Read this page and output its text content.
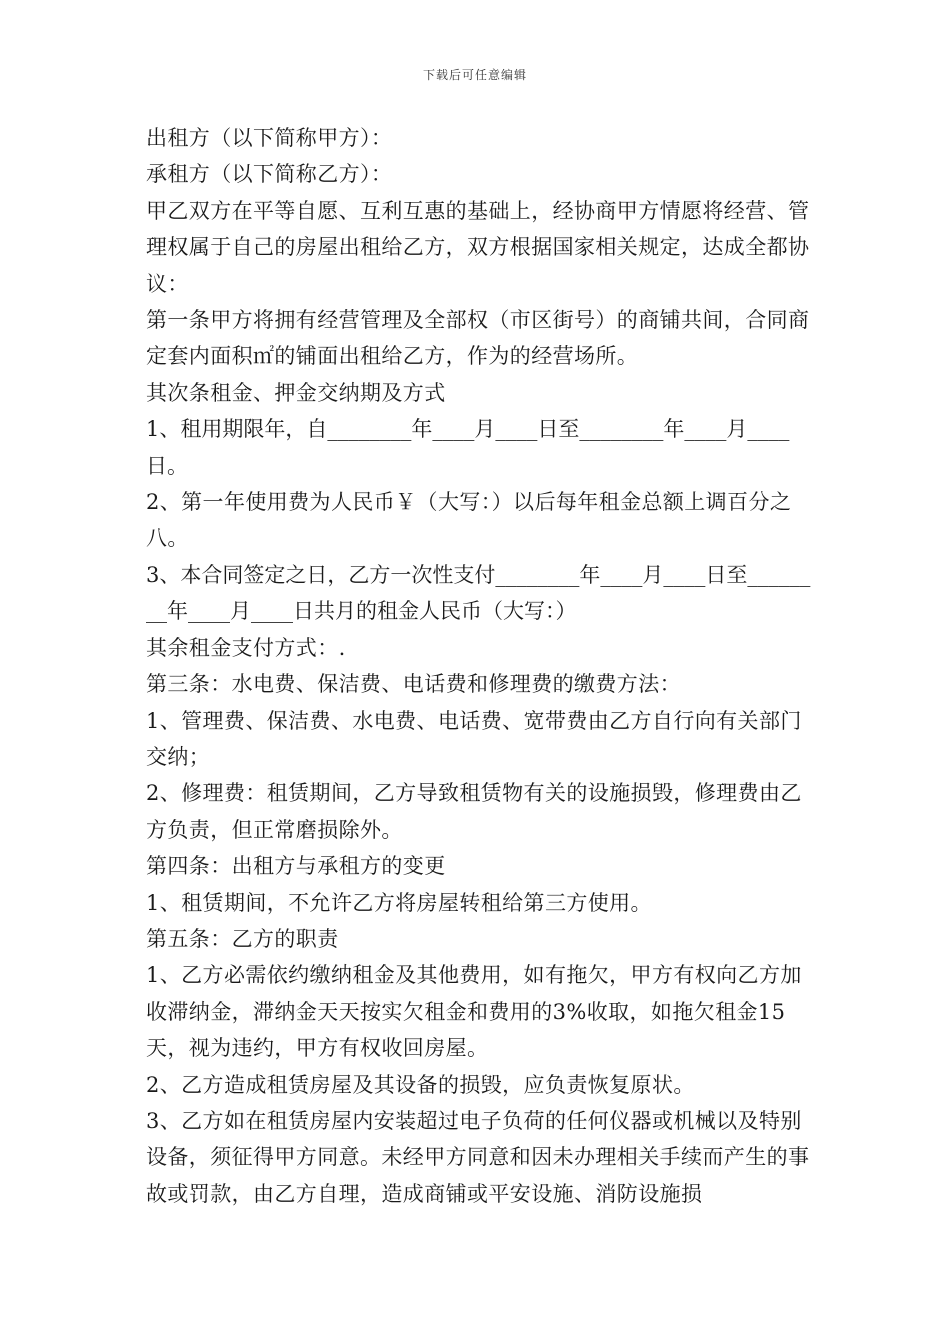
下载后可任意编辑

出租方（以下简称甲方）：

承租方（以下简称乙方）：

甲乙双方在平等自愿、互利互惠的基础上，经协商甲方情愿将经营、管理权属于自己的房屋出租给乙方，双方根据国家相关规定，达成全都协议：

第一条甲方将拥有经营管理及全部权（市区街号）的商铺共间，合同商定套内面积㎡的铺面出租给乙方，作为的经营场所。

其次条租金、押金交纳期及方式

1、租用期限年，自________年____月____日至________年____月____日。

2、第一年使用费为人民币￥（大写：）以后每年租金总额上调百分之八。

3、本合同签定之日，乙方一次性支付________年____月____日至________年____月____日共月的租金人民币（大写：）

其余租金支付方式：.

第三条：水电费、保洁费、电话费和修理费的缴费方法：

1、管理费、保洁费、水电费、电话费、宽带费由乙方自行向有关部门交纳；

2、修理费：租赁期间，乙方导致租赁物有关的设施损毁，修理费由乙方负责，但正常磨损除外。

第四条：出租方与承租方的变更

1、租赁期间，不允许乙方将房屋转租给第三方使用。

第五条：乙方的职责

1、乙方必需依约缴纳租金及其他费用，如有拖欠，甲方有权向乙方加收滞纳金，滞纳金天天按实欠租金和费用的3%收取，如拖欠租金15天，视为违约，甲方有权收回房屋。

2、乙方造成租赁房屋及其设备的损毁，应负责恢复原状。

3、乙方如在租赁房屋内安装超过电子负荷的任何仪器或机械以及特别设备，须征得甲方同意。未经甲方同意和因未办理相关手续而产生的事故或罚款，由乙方自理，造成商铺或平安设施、消防设施损
